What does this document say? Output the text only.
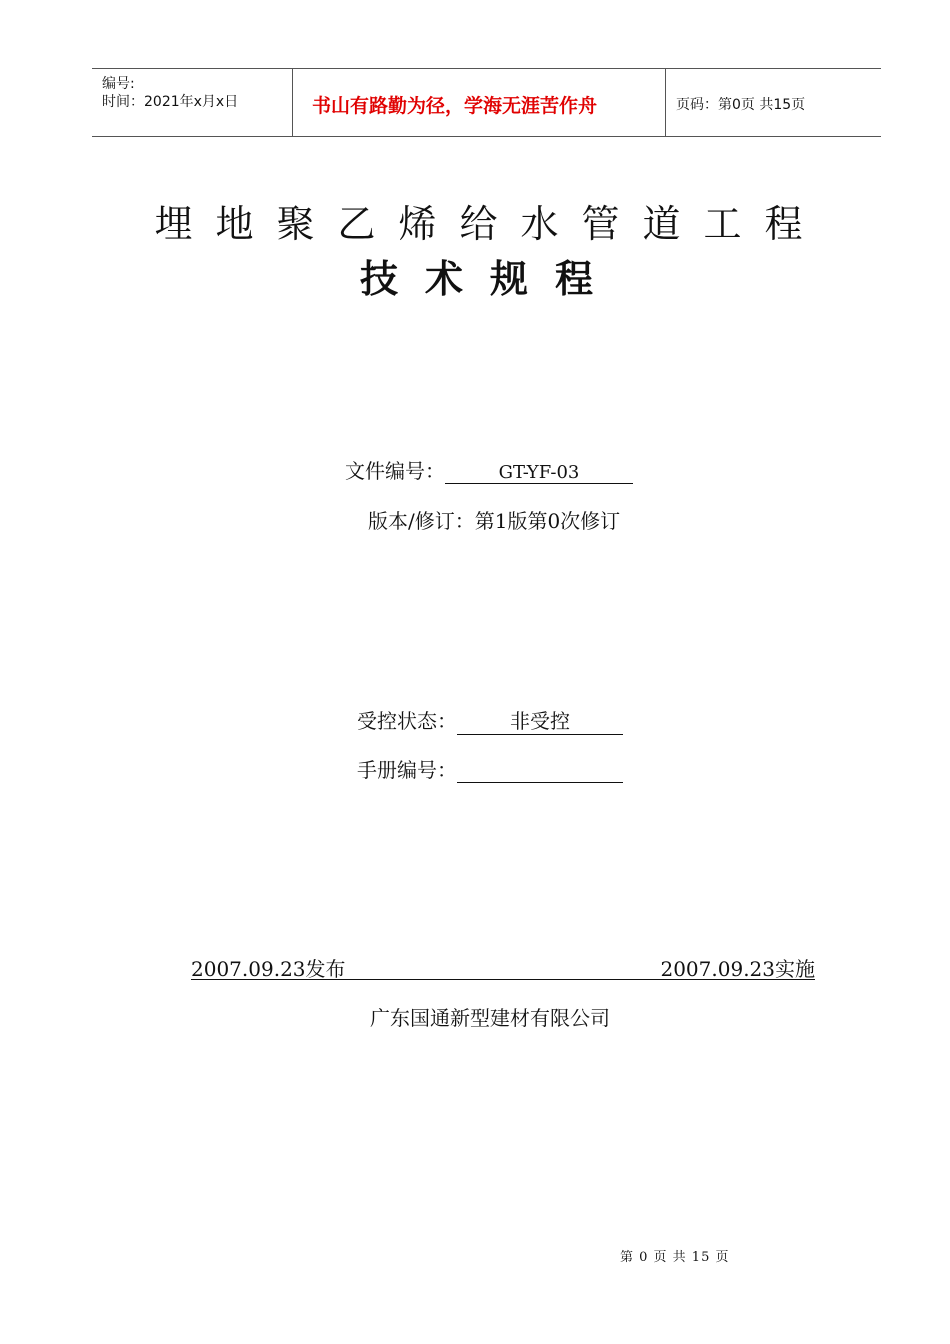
编号:
时间：2021年x月x日	书山有路勤为径，学海无涯苦作舟	页码：第0页 共15页
埋地聚乙烯给水管道工程
技术规程
文件编号：	GT-YF-03
版本/修订：第1版第0次修订
受控状态：	非受控
手册编号：
2007.09.23发布	2007.09.23实施
广东国通新型建材有限公司
第 0 页 共 15 页
